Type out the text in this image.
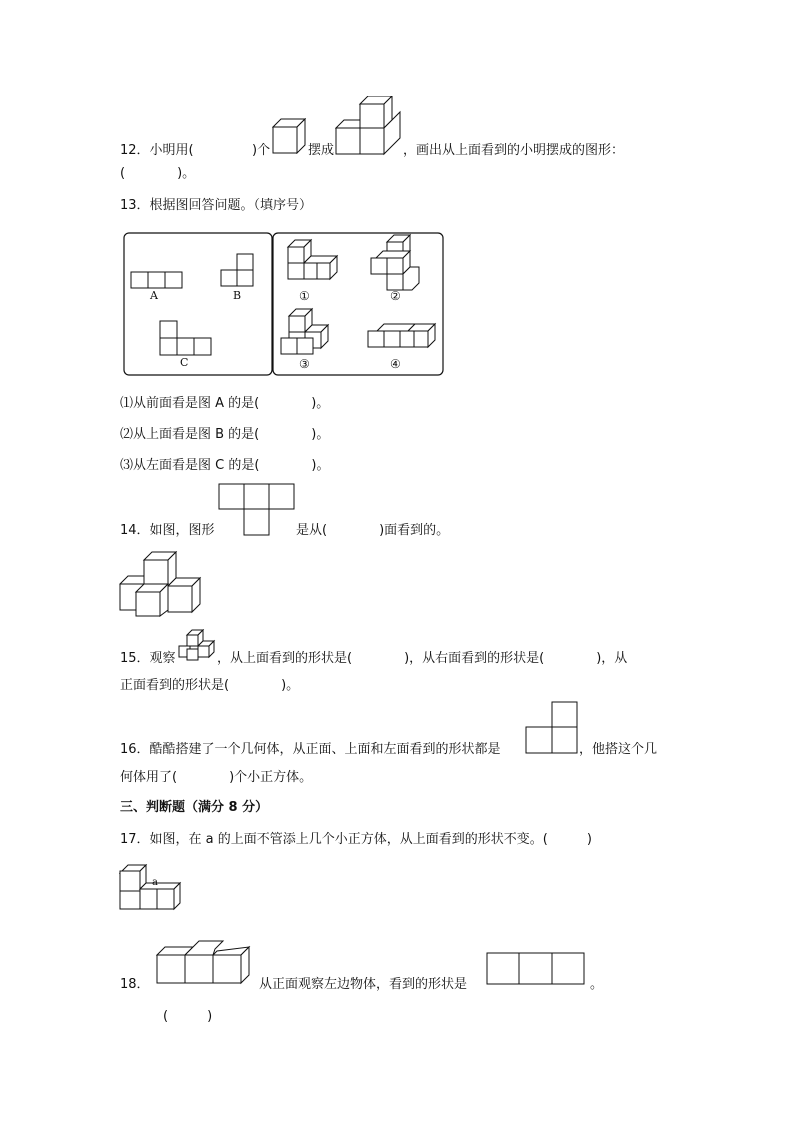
12．小明用(	)个	摆成	，画出从上面看到的小明摆成的图形：
(　　　　)。
13．根据图回答问题。（填序号）
A	B
C
①	②
③	④
⑴从前面看是图 A 的是(　　　　)。
⑵从上面看是图 B 的是(　　　　)。
⑶从左面看是图 C 的是(　　　　)。
14．如图，图形	是从(　　　　)面看到的。
15．观察	，从上面看到的形状是(　　　　)，从右面看到的形状是(　　　　)，从
正面看到的形状是(　　　　)。
16．酷酷搭建了一个几何体，从正面、上面和左面看到的形状都是	，他搭这个几
何体用了(　　　　)个小正方体。
三、判断题（满分 8 分）
17．如图，在 a 的上面不管添上几个小正方体，从上面看到的形状不变。(　　　)
a
18．	从正面观察左边物体，看到的形状是	。
(　　　)
